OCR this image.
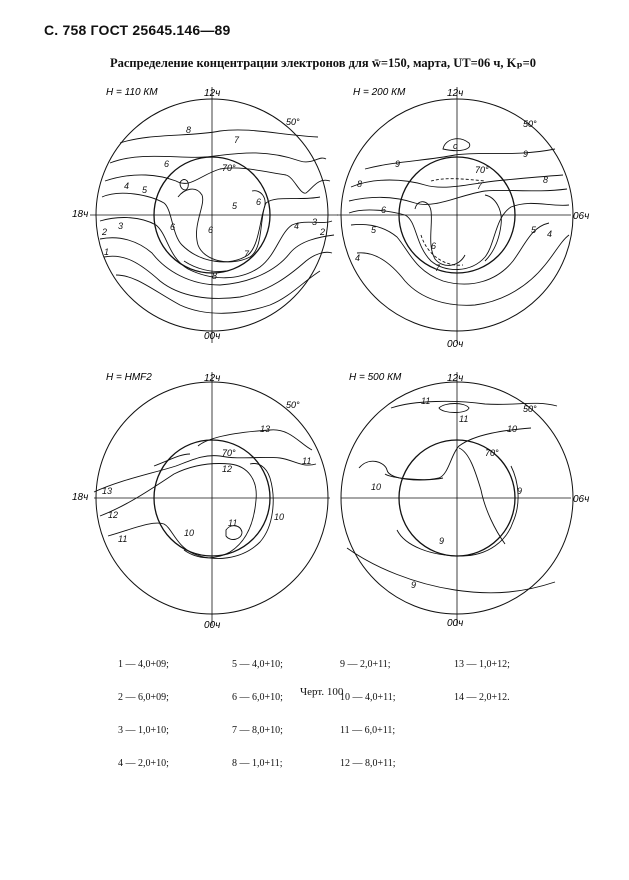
С. 758 ГОСТ 25645.146—89
Распределение концентрации электронов для w̄=150, марта, UT=06 ч, Kₚ=0
Н = 110 КМ	12ч
00ч
18ч
50°
70°
8
7
6
5
4
3
2
1
6
5 6
7
6
8
4 3
2
Н = 200 КМ	12ч
00ч
06ч
50°
70°
9
9
8	8
7
6
5
4
6
7
5 4
c
Н = НМF2	12ч
00ч
18ч
50°
70°
13
12
11
12
11
10
11
10
13
Н = 500 КМ	12ч
00ч
06ч
50°
70°
11
11
10
10	9
9
9

1 — 4,0+09;

2 — 6,0+09;

3 — 1,0+10;

4 — 2,0+10;

5 — 4,0+10;

6 — 6,0+10;

7 — 8,0+10;

8 — 1,0+11;

9 — 2,0+11;

10 — 4,0+11;

11 — 6,0+11;

12 — 8,0+11;

13 — 1,0+12;

14 — 2,0+12.

Черт. 100
